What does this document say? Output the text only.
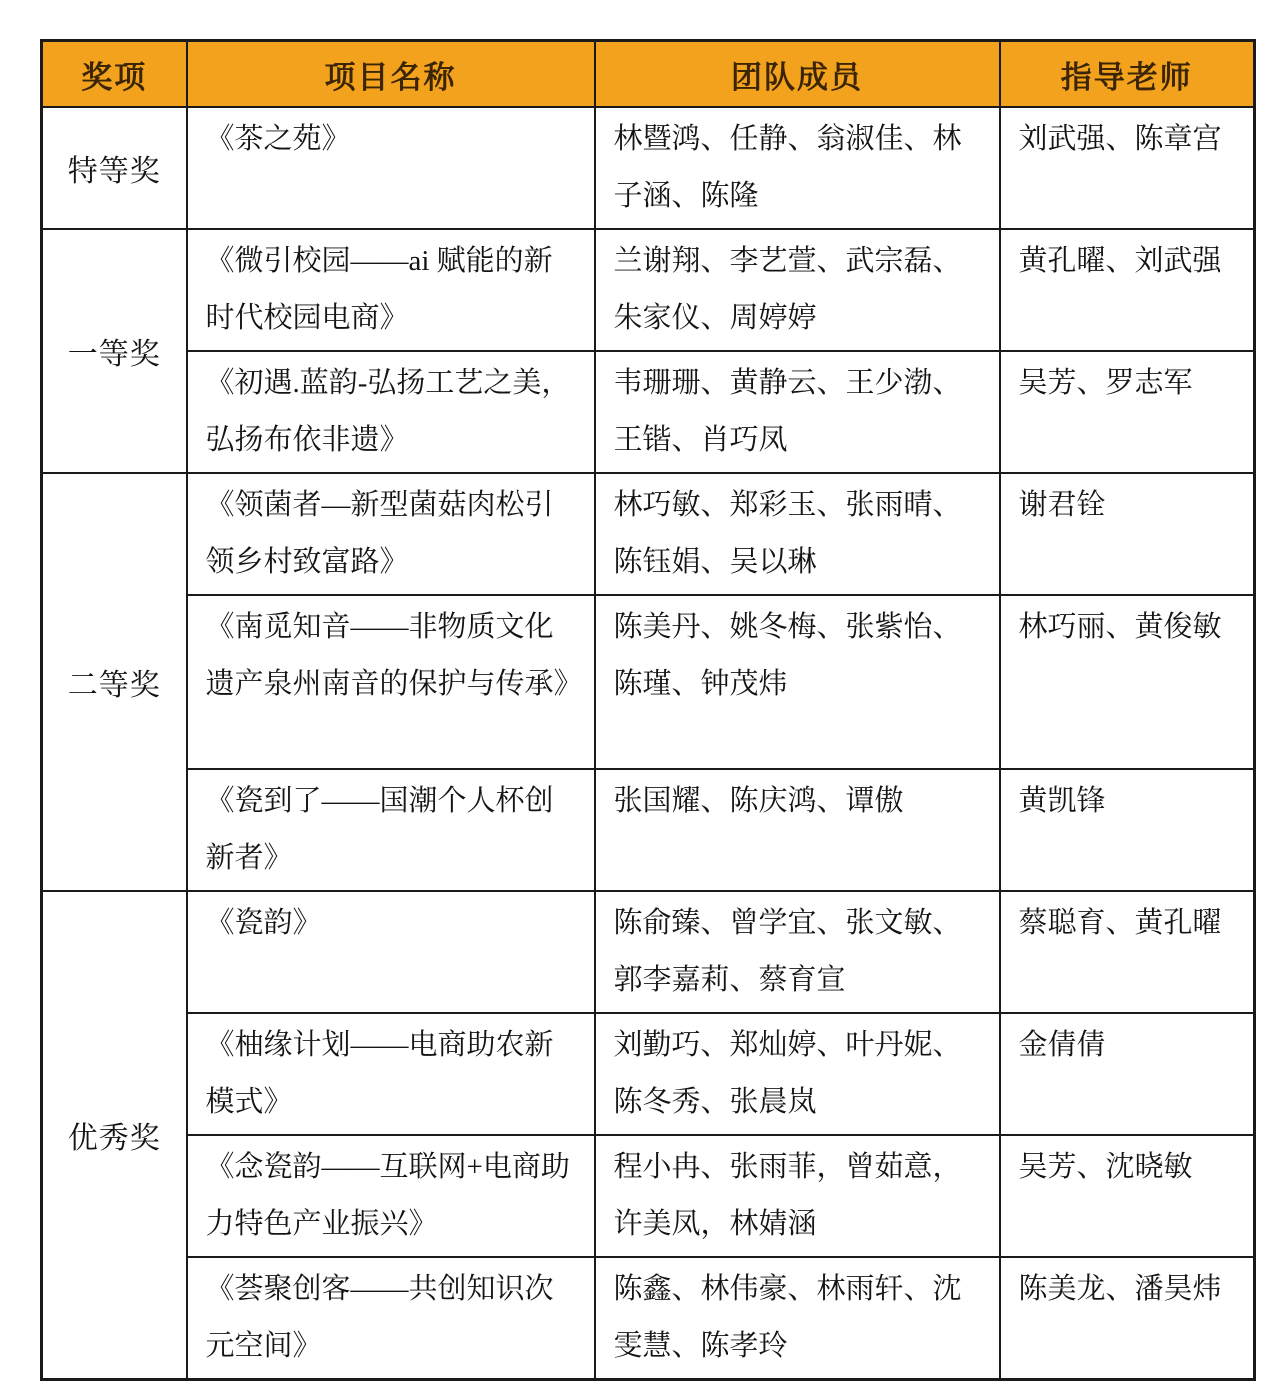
奖项	项目名称	团队成员	指导老师
特等奖	《茶之苑》	林暨鸿、任静、翁淑佳、林子涵、陈隆	刘武强、陈章宫
一等奖	《微引校园——ai 赋能的新时代校园电商》	兰谢翔、李艺萱、武宗磊、朱家仪、周婷婷	黄孔曜、刘武强
	《初遇.蓝韵-弘扬工艺之美，弘扬布依非遗》	韦珊珊、黄静云、王少渤、王锴、肖巧凤	吴芳、罗志军
二等奖	《领菌者—新型菌菇肉松引领乡村致富路》	林巧敏、郑彩玉、张雨晴、陈钰娟、吴以琳	谢君铨
	《南觅知音——非物质文化遗产泉州南音的保护与传承》	陈美丹、姚冬梅、张紫怡、陈瑾、钟茂炜	林巧丽、黄俊敏
	《瓷到了——国潮个人杯创新者》	张国耀、陈庆鸿、谭傲	黄凯锋
优秀奖	《瓷韵》	陈俞臻、曾学宜、张文敏、郭李嘉莉、蔡育宣	蔡聪育、黄孔曜
	《柚缘计划——电商助农新模式》	刘勤巧、郑灿婷、叶丹妮、陈冬秀、张晨岚	金倩倩
	《念瓷韵——互联网+电商助力特色产业振兴》	程小冉、张雨菲，曾茹意，许美凤，林婧涵	吴芳、沈晓敏
	《荟聚创客——共创知识次元空间》	陈鑫、林伟豪、林雨轩、沈雯慧、陈孝玲	陈美龙、潘昊炜
